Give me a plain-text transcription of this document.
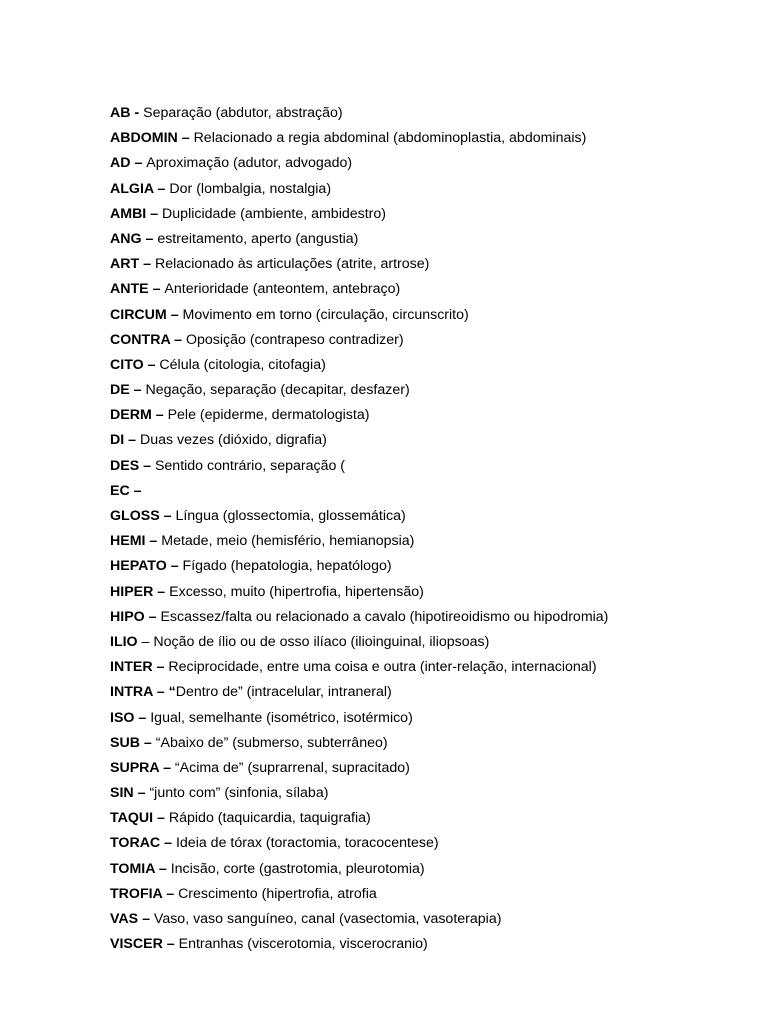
AB - Separação (abdutor, abstração)
ABDOMIN – Relacionado a regia abdominal (abdominoplastia, abdominais)
AD – Aproximação (adutor, advogado)
ALGIA – Dor (lombalgia, nostalgia)
AMBI – Duplicidade (ambiente, ambidestro)
ANG – estreitamento, aperto (angustia)
ART – Relacionado às articulações (atrite, artrose)
ANTE – Anterioridade (anteontem, antebraço)
CIRCUM – Movimento em torno (circulação, circunscrito)
CONTRA – Oposição (contrapeso contradizer)
CITO – Célula (citologia, citofagia)
DE – Negação, separação (decapitar, desfazer)
DERM – Pele (epiderme, dermatologista)
DI – Duas vezes (dióxido, digrafia)
DES – Sentido contrário, separação (
EC –
GLOSS – Língua (glossectomia, glossemática)
HEMI – Metade, meio (hemisfério, hemianopsia)
HEPATO – Fígado (hepatologia, hepatólogo)
HIPER – Excesso, muito (hipertrofia, hipertensão)
HIPO – Escassez/falta ou relacionado a cavalo (hipotireoidismo ou hipodromia)
ILIO – Noção de ílio ou de osso ilíaco (ilioinguinal, iliopsoas)
INTER – Reciprocidade, entre uma coisa e outra (inter-relação, internacional)
INTRA – “Dentro de” (intracelular, intraneral)
ISO – Igual, semelhante (isométrico, isotérmico)
SUB – “Abaixo de” (submerso, subterrâneo)
SUPRA – “Acima de” (suprarrenal, supracitado)
SIN – “junto com” (sinfonia, sílaba)
TAQUI – Rápido (taquicardia, taquigrafia)
TORAC – Ideia de tórax (toractomia, toracocentese)
TOMIA – Incisão, corte (gastrotomia, pleurotomia)
TROFIA – Crescimento (hipertrofia, atrofia
VAS – Vaso, vaso sanguíneo, canal (vasectomia, vasoterapia)
VISCER – Entranhas (viscerotomia, viscerocranio)
